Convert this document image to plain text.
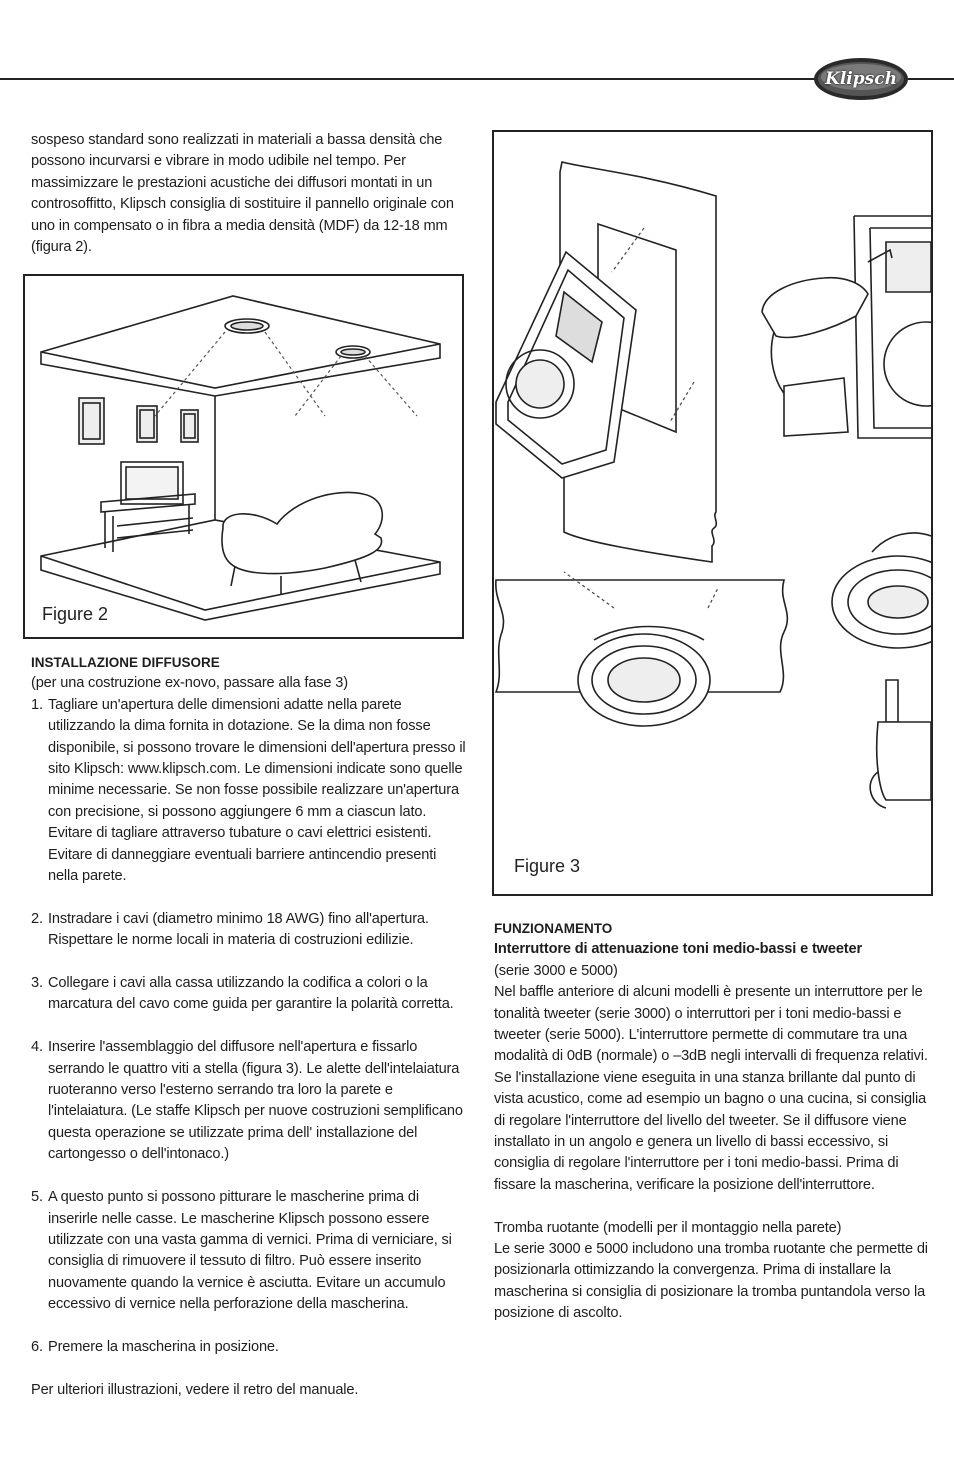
Klipsch
sospeso standard sono realizzati in materiali a bassa densità che possono incurvarsi e vibrare in modo udibile nel tempo. Per massimizzare le prestazioni acustiche dei diffusori montati in un controsoffitto, Klipsch consiglia di sostituire il pannello originale con uno in compensato o in fibra a media densità (MDF) da 12-18 mm (figura 2).
Figure 2
INSTALLAZIONE DIFFUSORE
(per una costruzione ex-novo, passare alla fase 3)
1. Tagliare un'apertura delle dimensioni adatte nella parete utilizzando la dima fornita in dotazione. Se la dima non fosse disponibile, si possono trovare le dimensioni dell'apertura presso il sito Klipsch: www.klipsch.com. Le dimensioni indicate sono quelle minime necessarie. Se non fosse possibile realizzare un'apertura con precisione, si possono aggiungere 6 mm a ciascun lato. Evitare di tagliare attraverso tubature o cavi elettrici esistenti. Evitare di danneggiare eventuali barriere antincendio presenti nella parete.
2. Instradare i cavi (diametro minimo 18 AWG) fino all'apertura. Rispettare le norme locali in materia di costruzioni edilizie.
3. Collegare i cavi alla cassa utilizzando la codifica a colori o la marcatura del cavo come guida per garantire la polarità corretta.
4. Inserire l'assemblaggio del diffusore nell'apertura e fissarlo serrando le quattro viti a stella (figura 3). Le alette dell'intelaiatura ruoteranno verso l'esterno serrando tra loro la parete e l'intelaiatura. (Le staffe Klipsch per nuove costruzioni semplificano questa operazione se utilizzate prima dell' installazione del cartongesso o dell'intonaco.)
5. A questo punto si possono pitturare le mascherine prima di inserirle nelle casse. Le mascherine Klipsch possono essere utilizzate con una vasta gamma di vernici. Prima di verniciare, si consiglia di rimuovere il tessuto di filtro. Può essere inserito nuovamente quando la vernice è asciutta. Evitare un accumulo eccessivo di vernice nella perforazione della mascherina.
6. Premere la mascherina in posizione.
Per ulteriori illustrazioni, vedere il retro del manuale.
Figure 3
FUNZIONAMENTO
Interruttore di attenuazione toni medio-bassi e tweeter
(serie 3000 e 5000)
Nel baffle anteriore di alcuni modelli è presente un interruttore per le tonalità tweeter (serie 3000) o interruttori per i toni medio-bassi e tweeter (serie 5000). L'interruttore permette di commutare tra una modalità di 0dB (normale) o –3dB negli intervalli di frequenza relativi. Se l'installazione viene eseguita in una stanza brillante dal punto di vista acustico, come ad esempio un bagno o una cucina, si consiglia di regolare l'interruttore del livello del tweeter. Se il diffusore viene installato in un angolo e genera un livello di bassi eccessivo, si consiglia di regolare l'interruttore per i toni medio-bassi. Prima di fissare la mascherina, verificare la posizione dell'interruttore.
Tromba ruotante (modelli per il montaggio nella parete)
Le serie 3000 e 5000 includono una tromba ruotante che permette di posizionarla ottimizzando la convergenza. Prima di installare la mascherina si consiglia di posizionare la tromba puntandola verso la posizione di ascolto.
